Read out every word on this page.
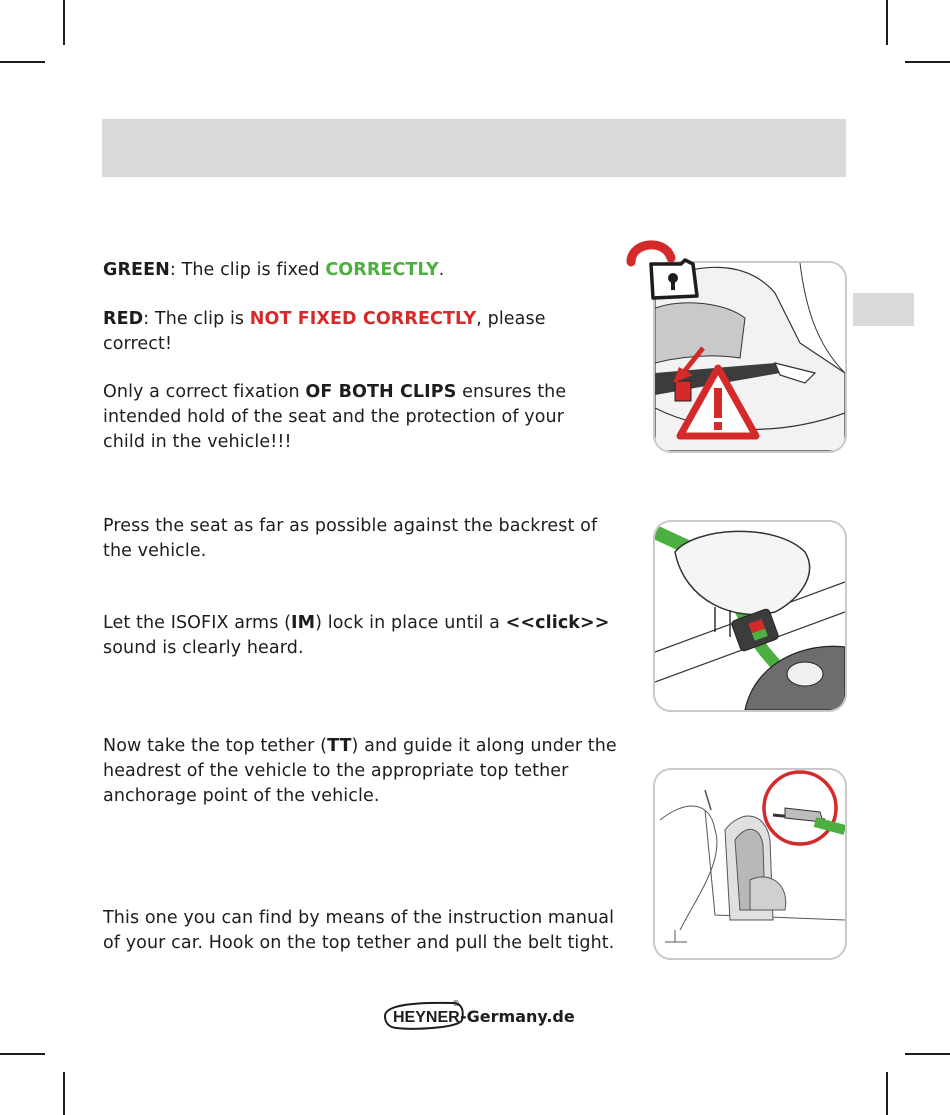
GREEN: The clip is fixed CORRECTLY.
RED: The clip is NOT FIXED CORRECTLY, please
correct!
Only a correct fixation OF BOTH CLIPS ensures the
intended hold of the seat and the protection of your
child in the vehicle!!!
Press the seat as far as possible against the backrest of
the vehicle.
Let the ISOFIX arms (IM) lock in place until a <<click>>
sound is clearly heard.
Now take the top tether (TT) and guide it along under the
headrest of the vehicle to the appropriate top tether
anchorage point of the vehicle.
This one you can find by means of the instruction manual
of your car. Hook on the top tether and pull the belt tight.
HEYNER -Germany.de
®
